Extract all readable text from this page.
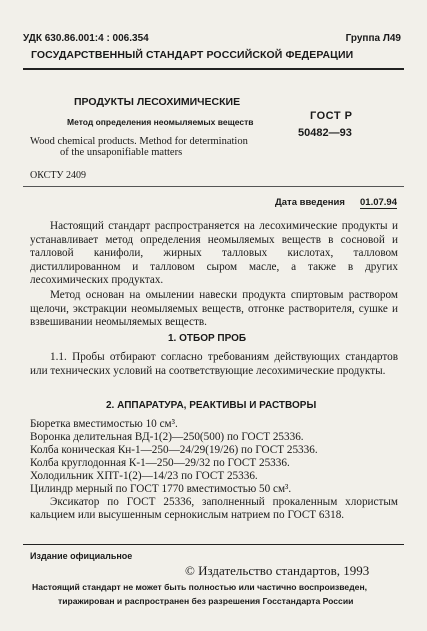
УДК 630.86.001:4 : 006.354	Группа Л49
ГОСУДАРСТВЕННЫЙ СТАНДАРТ РОССИЙСКОЙ ФЕДЕРАЦИИ
ПРОДУКТЫ ЛЕСОХИМИЧЕСКИЕ
Метод определения неомыляемых веществ
Wood chemical products. Method for determination
of the unsaponifiable matters
ГОСТ Р
50482—93
ОКСТУ 2409
Дата введения 01.07.94
Настоящий стандарт распространяется на лесохимические продукты и устанавливает метод определения неомыляемых веществ в сосновой и талловой канифоли, жирных талловых кислотах, талловом дистиллированном и талловом сыром масле, а также в других лесохимических продуктах.
Метод основан на омылении навески продукта спиртовым раствором щелочи, экстракции неомыляемых веществ, отгонке растворителя, сушке и взвешивании неомыляемых веществ.
1. ОТБОР ПРОБ
1.1. Пробы отбирают согласно требованиям действующих стандартов или технических условий на соответствующие лесохимические продукты.
2. АППАРАТУРА, РЕАКТИВЫ И РАСТВОРЫ
Бюретка вместимостью 10 см³.
Воронка делительная ВД-1(2)—250(500) по ГОСТ 25336.
Колба коническая Кн-1—250—24/29(19/26) по ГОСТ 25336.
Колба круглодонная К-1—250—29/32 по ГОСТ 25336.
Холодильник ХПТ-1(2)—14/23 по ГОСТ 25336.
Цилиндр мерный по ГОСТ 1770 вместимостью 50 см³.
Эксикатор по ГОСТ 25336, заполненный прокаленным хлористым кальцием или высушенным сернокислым натрием по ГОСТ 6318.
Издание официальное
© Издательство стандартов, 1993
Настоящий стандарт не может быть полностью или частично воспроизведен,
тиражирован и распространен без разрешения Госстандарта России
